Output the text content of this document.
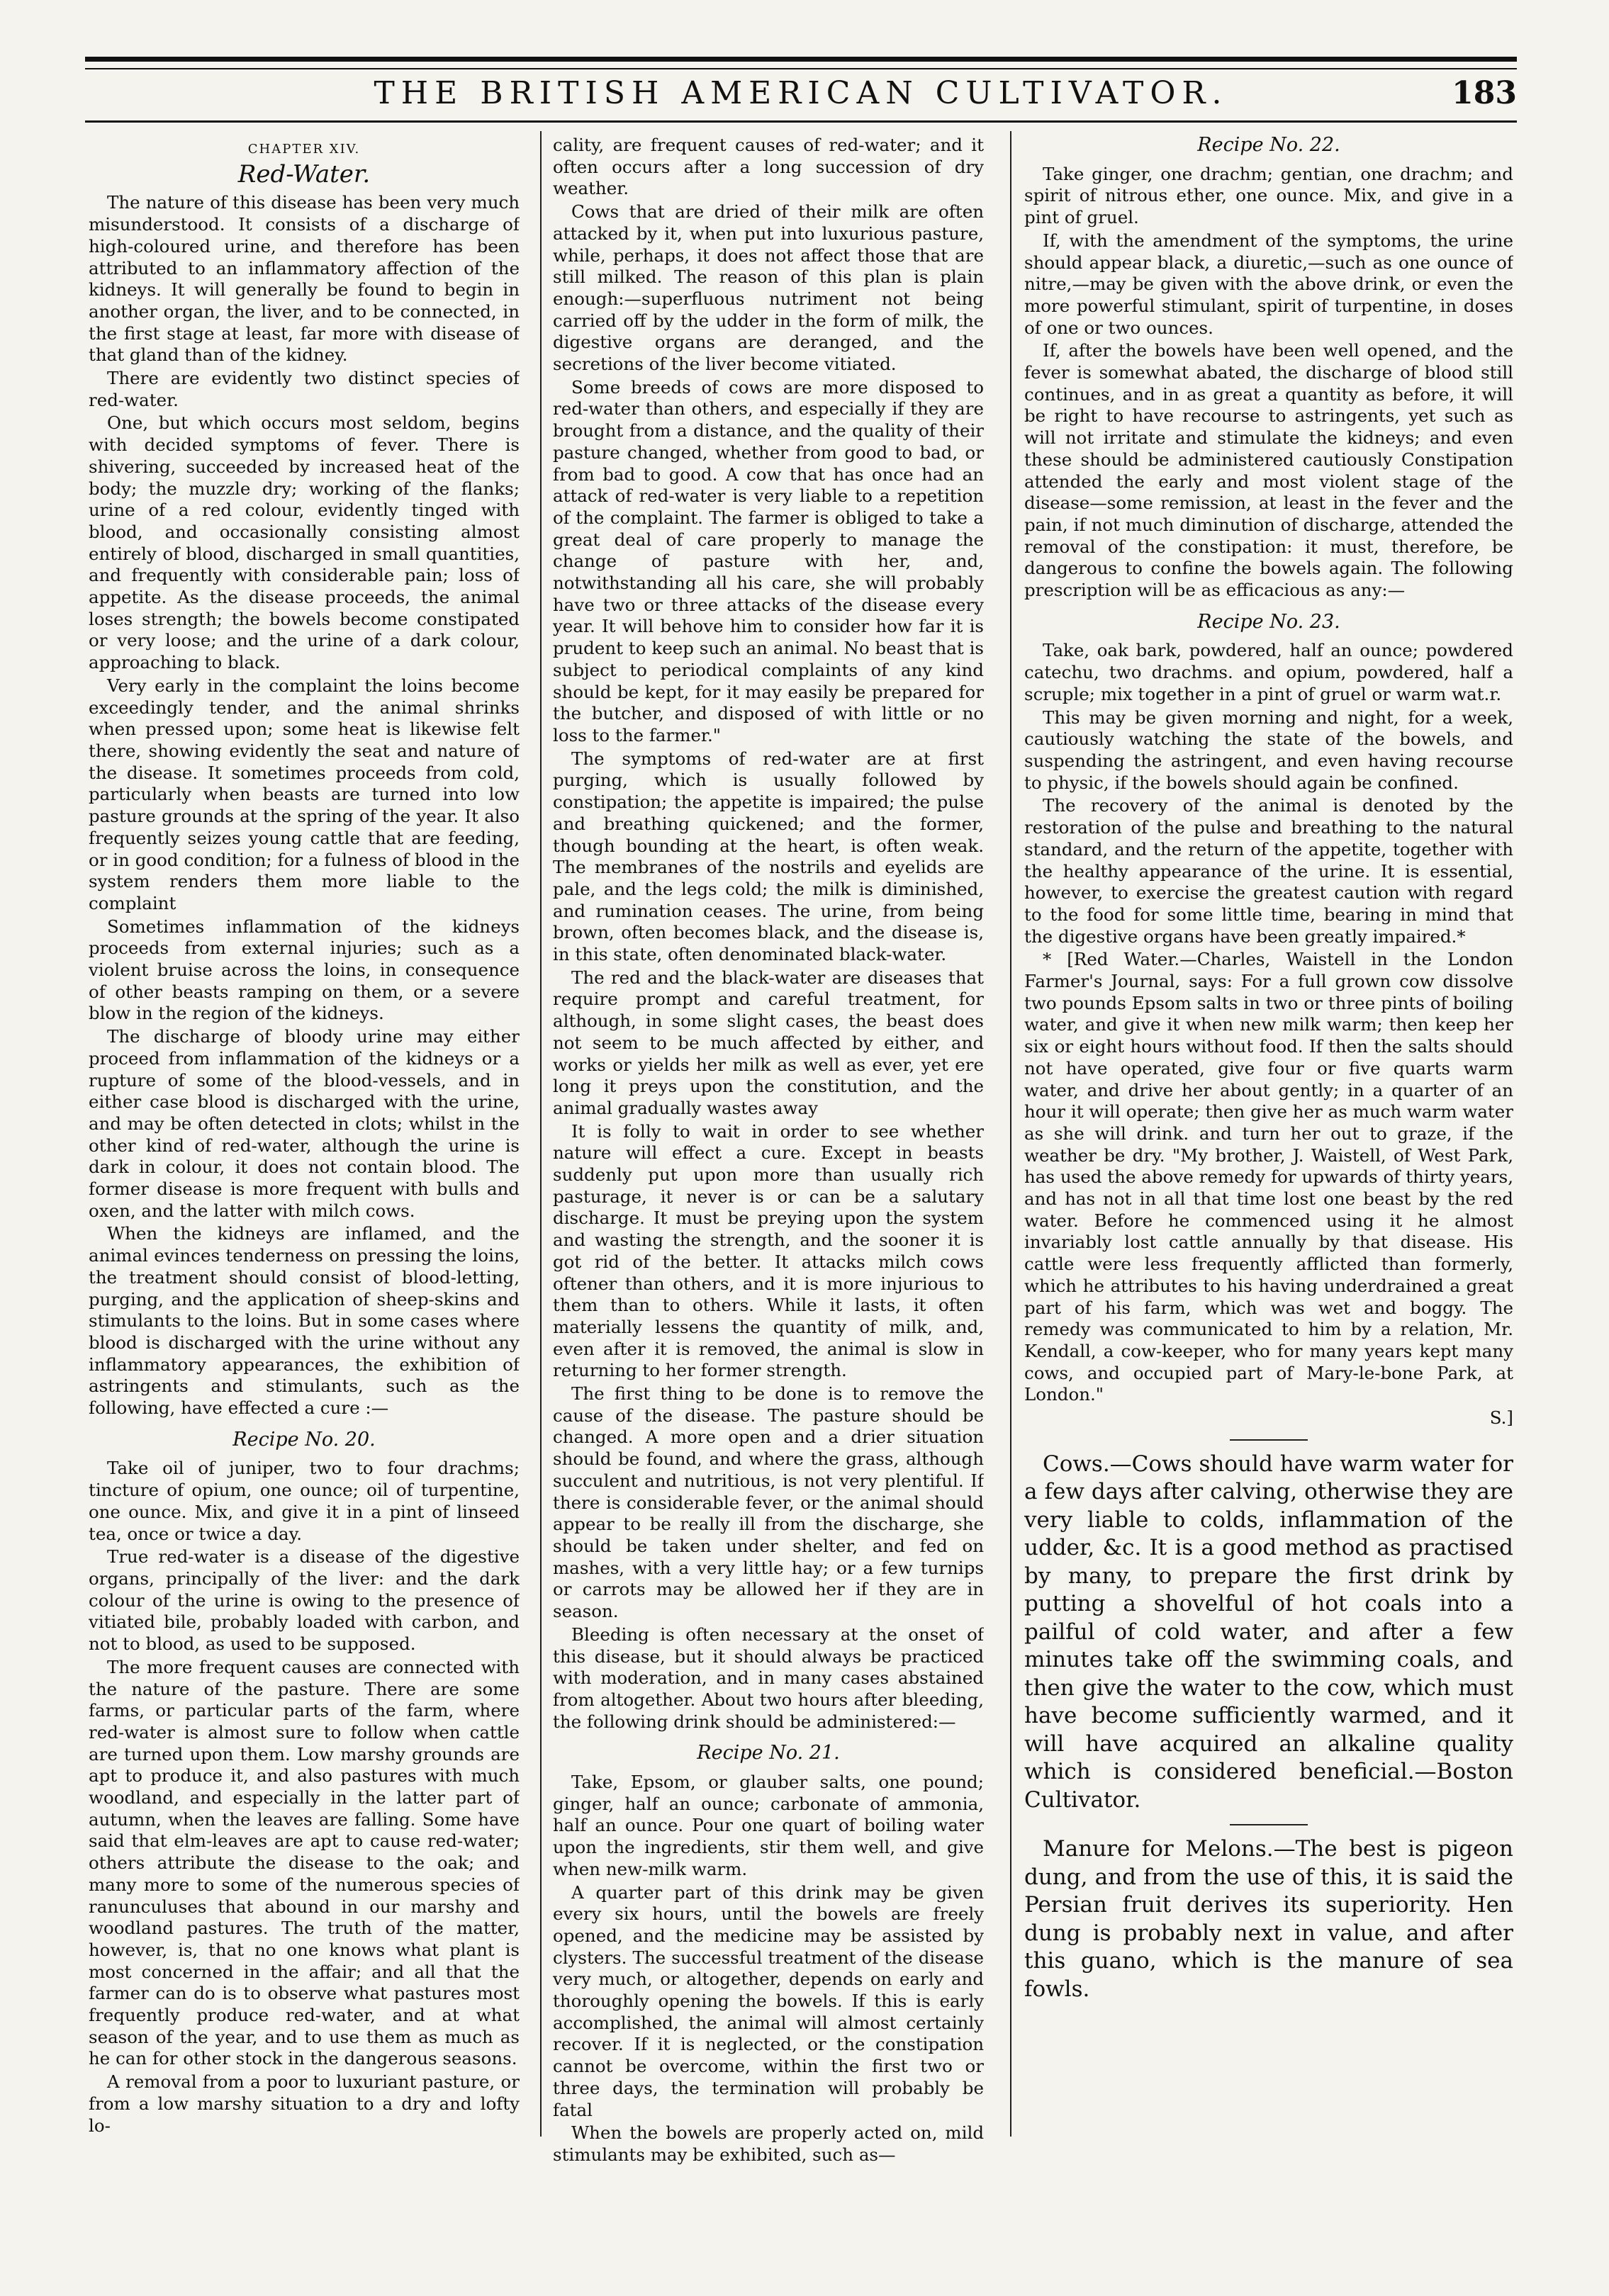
THE BRITISH AMERICAN CULTIVATOR.	183
CHAPTER XIV.
Red-Water.

The nature of this disease has been very much misunderstood. It consists of a discharge of high-coloured urine, and therefore has been attributed to an inflammatory affection of the kidneys. It will generally be found to begin in another organ, the liver, and to be connected, in the first stage at least, far more with disease of that gland than of the kidney.

There are evidently two distinct species of red-water.

One, but which occurs most seldom, begins with decided symptoms of fever. There is shivering, succeeded by increased heat of the body; the muzzle dry; working of the flanks; urine of a red colour, evidently tinged with blood, and occasionally consisting almost entirely of blood, discharged in small quantities, and frequently with considerable pain; loss of appetite. As the disease proceeds, the animal loses strength; the bowels become constipated or very loose; and the urine of a dark colour, approaching to black.

Very early in the complaint the loins become exceedingly tender, and the animal shrinks when pressed upon; some heat is likewise felt there, showing evidently the seat and nature of the disease. It sometimes proceeds from cold, particularly when beasts are turned into low pasture grounds at the spring of the year. It also frequently seizes young cattle that are feeding, or in good condition; for a fulness of blood in the system renders them more liable to the complaint

Sometimes inflammation of the kidneys proceeds from external injuries; such as a violent bruise across the loins, in consequence of other beasts ramping on them, or a severe blow in the region of the kidneys.

The discharge of bloody urine may either proceed from inflammation of the kidneys or a rupture of some of the blood-vessels, and in either case blood is discharged with the urine, and may be often detected in clots; whilst in the other kind of red-water, although the urine is dark in colour, it does not contain blood. The former disease is more frequent with bulls and oxen, and the latter with milch cows.

When the kidneys are inflamed, and the animal evinces tenderness on pressing the loins, the treatment should consist of blood-letting, purging, and the application of sheep-skins and stimulants to the loins. But in some cases where blood is discharged with the urine without any inflammatory appearances, the exhibition of astringents and stimulants, such as the following, have effected a cure :—

Recipe No. 20.

Take oil of juniper, two to four drachms; tincture of opium, one ounce; oil of turpentine, one ounce. Mix, and give it in a pint of linseed tea, once or twice a day.

True red-water is a disease of the digestive organs, principally of the liver: and the dark colour of the urine is owing to the presence of vitiated bile, probably loaded with carbon, and not to blood, as used to be supposed.

The more frequent causes are connected with the nature of the pasture. There are some farms, or particular parts of the farm, where red-water is almost sure to follow when cattle are turned upon them. Low marshy grounds are apt to produce it, and also pastures with much woodland, and especially in the latter part of autumn, when the leaves are falling. Some have said that elm-leaves are apt to cause red-water; others attribute the disease to the oak; and many more to some of the numerous species of ranunculuses that abound in our marshy and woodland pastures. The truth of the matter, however, is, that no one knows what plant is most concerned in the affair; and all that the farmer can do is to observe what pastures most frequently produce red-water, and at what season of the year, and to use them as much as he can for other stock in the dangerous seasons.

A removal from a poor to luxuriant pasture, or from a low marshy situation to a dry and lofty lo-

cality, are frequent causes of red-water; and it often occurs after a long succession of dry weather.

Cows that are dried of their milk are often attacked by it, when put into luxurious pasture, while, perhaps, it does not affect those that are still milked. The reason of this plan is plain enough:—superfluous nutriment not being carried off by the udder in the form of milk, the digestive organs are deranged, and the secretions of the liver become vitiated.

Some breeds of cows are more disposed to red-water than others, and especially if they are brought from a distance, and the quality of their pasture changed, whether from good to bad, or from bad to good. A cow that has once had an attack of red-water is very liable to a repetition of the complaint. The farmer is obliged to take a great deal of care properly to manage the change of pasture with her, and, notwithstanding all his care, she will probably have two or three attacks of the disease every year. It will behove him to consider how far it is prudent to keep such an animal. No beast that is subject to periodical complaints of any kind should be kept, for it may easily be prepared for the butcher, and disposed of with little or no loss to the farmer."

The symptoms of red-water are at first purging, which is usually followed by constipation; the appetite is impaired; the pulse and breathing quickened; and the former, though bounding at the heart, is often weak. The membranes of the nostrils and eyelids are pale, and the legs cold; the milk is diminished, and rumination ceases. The urine, from being brown, often becomes black, and the disease is, in this state, often denominated black-water.

The red and the black-water are diseases that require prompt and careful treatment, for although, in some slight cases, the beast does not seem to be much affected by either, and works or yields her milk as well as ever, yet ere long it preys upon the constitution, and the animal gradually wastes away

It is folly to wait in order to see whether nature will effect a cure. Except in beasts suddenly put upon more than usually rich pasturage, it never is or can be a salutary discharge. It must be preying upon the system and wasting the strength, and the sooner it is got rid of the better. It attacks milch cows oftener than others, and it is more injurious to them than to others. While it lasts, it often materially lessens the quantity of milk, and, even after it is removed, the animal is slow in returning to her former strength.

The first thing to be done is to remove the cause of the disease. The pasture should be changed. A more open and a drier situation should be found, and where the grass, although succulent and nutritious, is not very plentiful. If there is considerable fever, or the animal should appear to be really ill from the discharge, she should be taken under shelter, and fed on mashes, with a very little hay; or a few turnips or carrots may be allowed her if they are in season.

Bleeding is often necessary at the onset of this disease, but it should always be practiced with moderation, and in many cases abstained from altogether. About two hours after bleeding, the following drink should be administered:—

Recipe No. 21.

Take, Epsom, or glauber salts, one pound; ginger, half an ounce; carbonate of ammonia, half an ounce. Pour one quart of boiling water upon the ingredients, stir them well, and give when new-milk warm.

A quarter part of this drink may be given every six hours, until the bowels are freely opened, and the medicine may be assisted by clysters. The successful treatment of the disease very much, or altogether, depends on early and thoroughly opening the bowels. If this is early accomplished, the animal will almost certainly recover. If it is neglected, or the constipation cannot be overcome, within the first two or three days, the termination will probably be fatal

When the bowels are properly acted on, mild stimulants may be exhibited, such as—

Recipe No. 22.

Take ginger, one drachm; gentian, one drachm; and spirit of nitrous ether, one ounce. Mix, and give in a pint of gruel.

If, with the amendment of the symptoms, the urine should appear black, a diuretic,—such as one ounce of nitre,—may be given with the above drink, or even the more powerful stimulant, spirit of turpentine, in doses of one or two ounces.

If, after the bowels have been well opened, and the fever is somewhat abated, the discharge of blood still continues, and in as great a quantity as before, it will be right to have recourse to astringents, yet such as will not irritate and stimulate the kidneys; and even these should be administered cautiously Constipation attended the early and most violent stage of the disease—some remission, at least in the fever and the pain, if not much diminution of discharge, attended the removal of the constipation: it must, therefore, be dangerous to confine the bowels again. The following prescription will be as efficacious as any:—

Recipe No. 23.

Take, oak bark, powdered, half an ounce; powdered catechu, two drachms. and opium, powdered, half a scruple; mix together in a pint of gruel or warm wat.r.

This may be given morning and night, for a week, cautiously watching the state of the bowels, and suspending the astringent, and even having recourse to physic, if the bowels should again be confined.

The recovery of the animal is denoted by the restoration of the pulse and breathing to the natural standard, and the return of the appetite, together with the healthy appearance of the urine. It is essential, however, to exercise the greatest caution with regard to the food for some little time, bearing in mind that the digestive organs have been greatly impaired.*

* [Red Water.—Charles, Waistell in the London Farmer's Journal, says: For a full grown cow dissolve two pounds Epsom salts in two or three pints of boiling water, and give it when new milk warm; then keep her six or eight hours without food. If then the salts should not have operated, give four or five quarts warm water, and drive her about gently; in a quarter of an hour it will operate; then give her as much warm water as she will drink. and turn her out to graze, if the weather be dry. "My brother, J. Waistell, of West Park, has used the above remedy for upwards of thirty years, and has not in all that time lost one beast by the red water. Before he commenced using it he almost invariably lost cattle annually by that disease. His cattle were less frequently afflicted than formerly, which he attributes to his having underdrained a great part of his farm, which was wet and boggy. The remedy was communicated to him by a relation, Mr. Kendall, a cow-keeper, who for many years kept many cows, and occupied part of Mary-le-bone Park, at London."

S.]

Cows.—Cows should have warm water for a few days after calving, otherwise they are very liable to colds, inflammation of the udder, &c. It is a good method as practised by many, to prepare the first drink by putting a shovelful of hot coals into a pailful of cold water, and after a few minutes take off the swimming coals, and then give the water to the cow, which must have become sufficiently warmed, and it will have acquired an alkaline quality which is considered beneficial.—Boston Cultivator.

Manure for Melons.—The best is pigeon dung, and from the use of this, it is said the Persian fruit derives its superiority. Hen dung is probably next in value, and after this guano, which is the manure of sea fowls.
